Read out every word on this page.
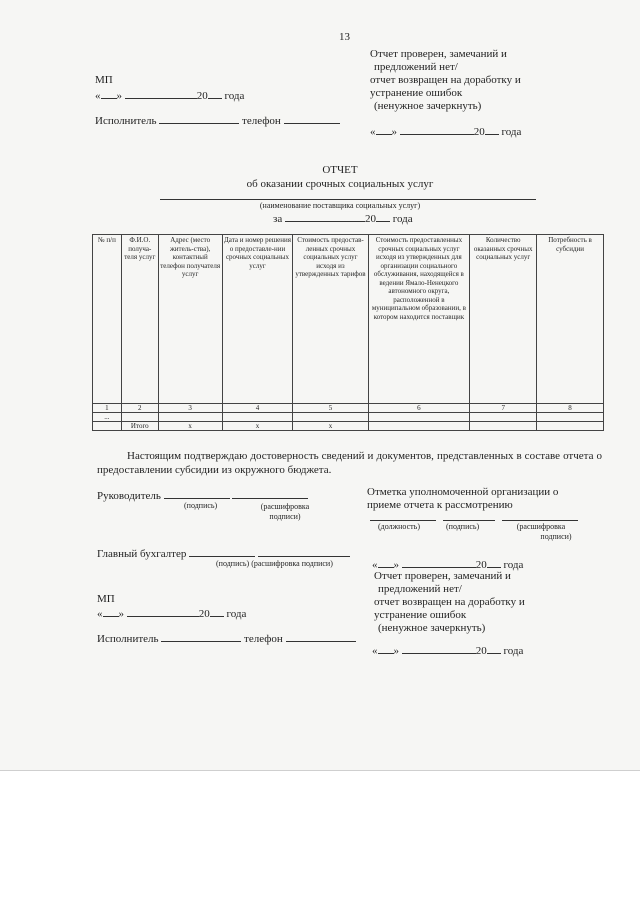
13
Отчет проверен, замечаний и
предложений нет/
отчет возвращен на доработку и
устранение ошибок
(ненужное зачеркнуть)
« »	20 года
МП
« »	20 года
Исполнитель	телефон
ОТЧЕТ
об оказании срочных социальных услуг
(наименование поставщика социальных услуг)
за	20 года
№ п/п	Ф.И.О. получа-теля услуг	Адрес (место житель-ства), контактный телефон получателя услуг	Дата и номер решения о предоставле-нии срочных социальных услуг	Стоимость предостав-ленных срочных социальных услуг исходя из утвержденных тарифов	Стоимость предоставленных срочных социальных услуг исходя из утвержденных для организации социального обслуживания, находящейся в ведении Ямало-Ненецкого автономного округа, расположенной в муниципальном образовании, в котором находится поставщик	Количество оказанных срочных социальных услуг	Потребность в субсидии
1	2	3	4	5	6	7	8
...							
	Итого	х	х	х			
Настоящим подтверждаю достоверность сведений и документов, представленных в составе отчета о предоставлении субсидии из окружного бюджета.
Руководитель
(подпись)	(расшифровка
подписи)
Отметка уполномоченной организации о
приеме отчета к рассмотрению
(должность)	(подпись)	(расшифровка
подписи)
Главный бухгалтер
(подпись) (расшифровка подписи)	« »	20 года
Отчет проверен, замечаний и
предложений нет/
отчет возвращен на доработку и
устранение ошибок
(ненужное зачеркнуть)
« »	20 года
МП
« »	20 года
Исполнитель	телефон
